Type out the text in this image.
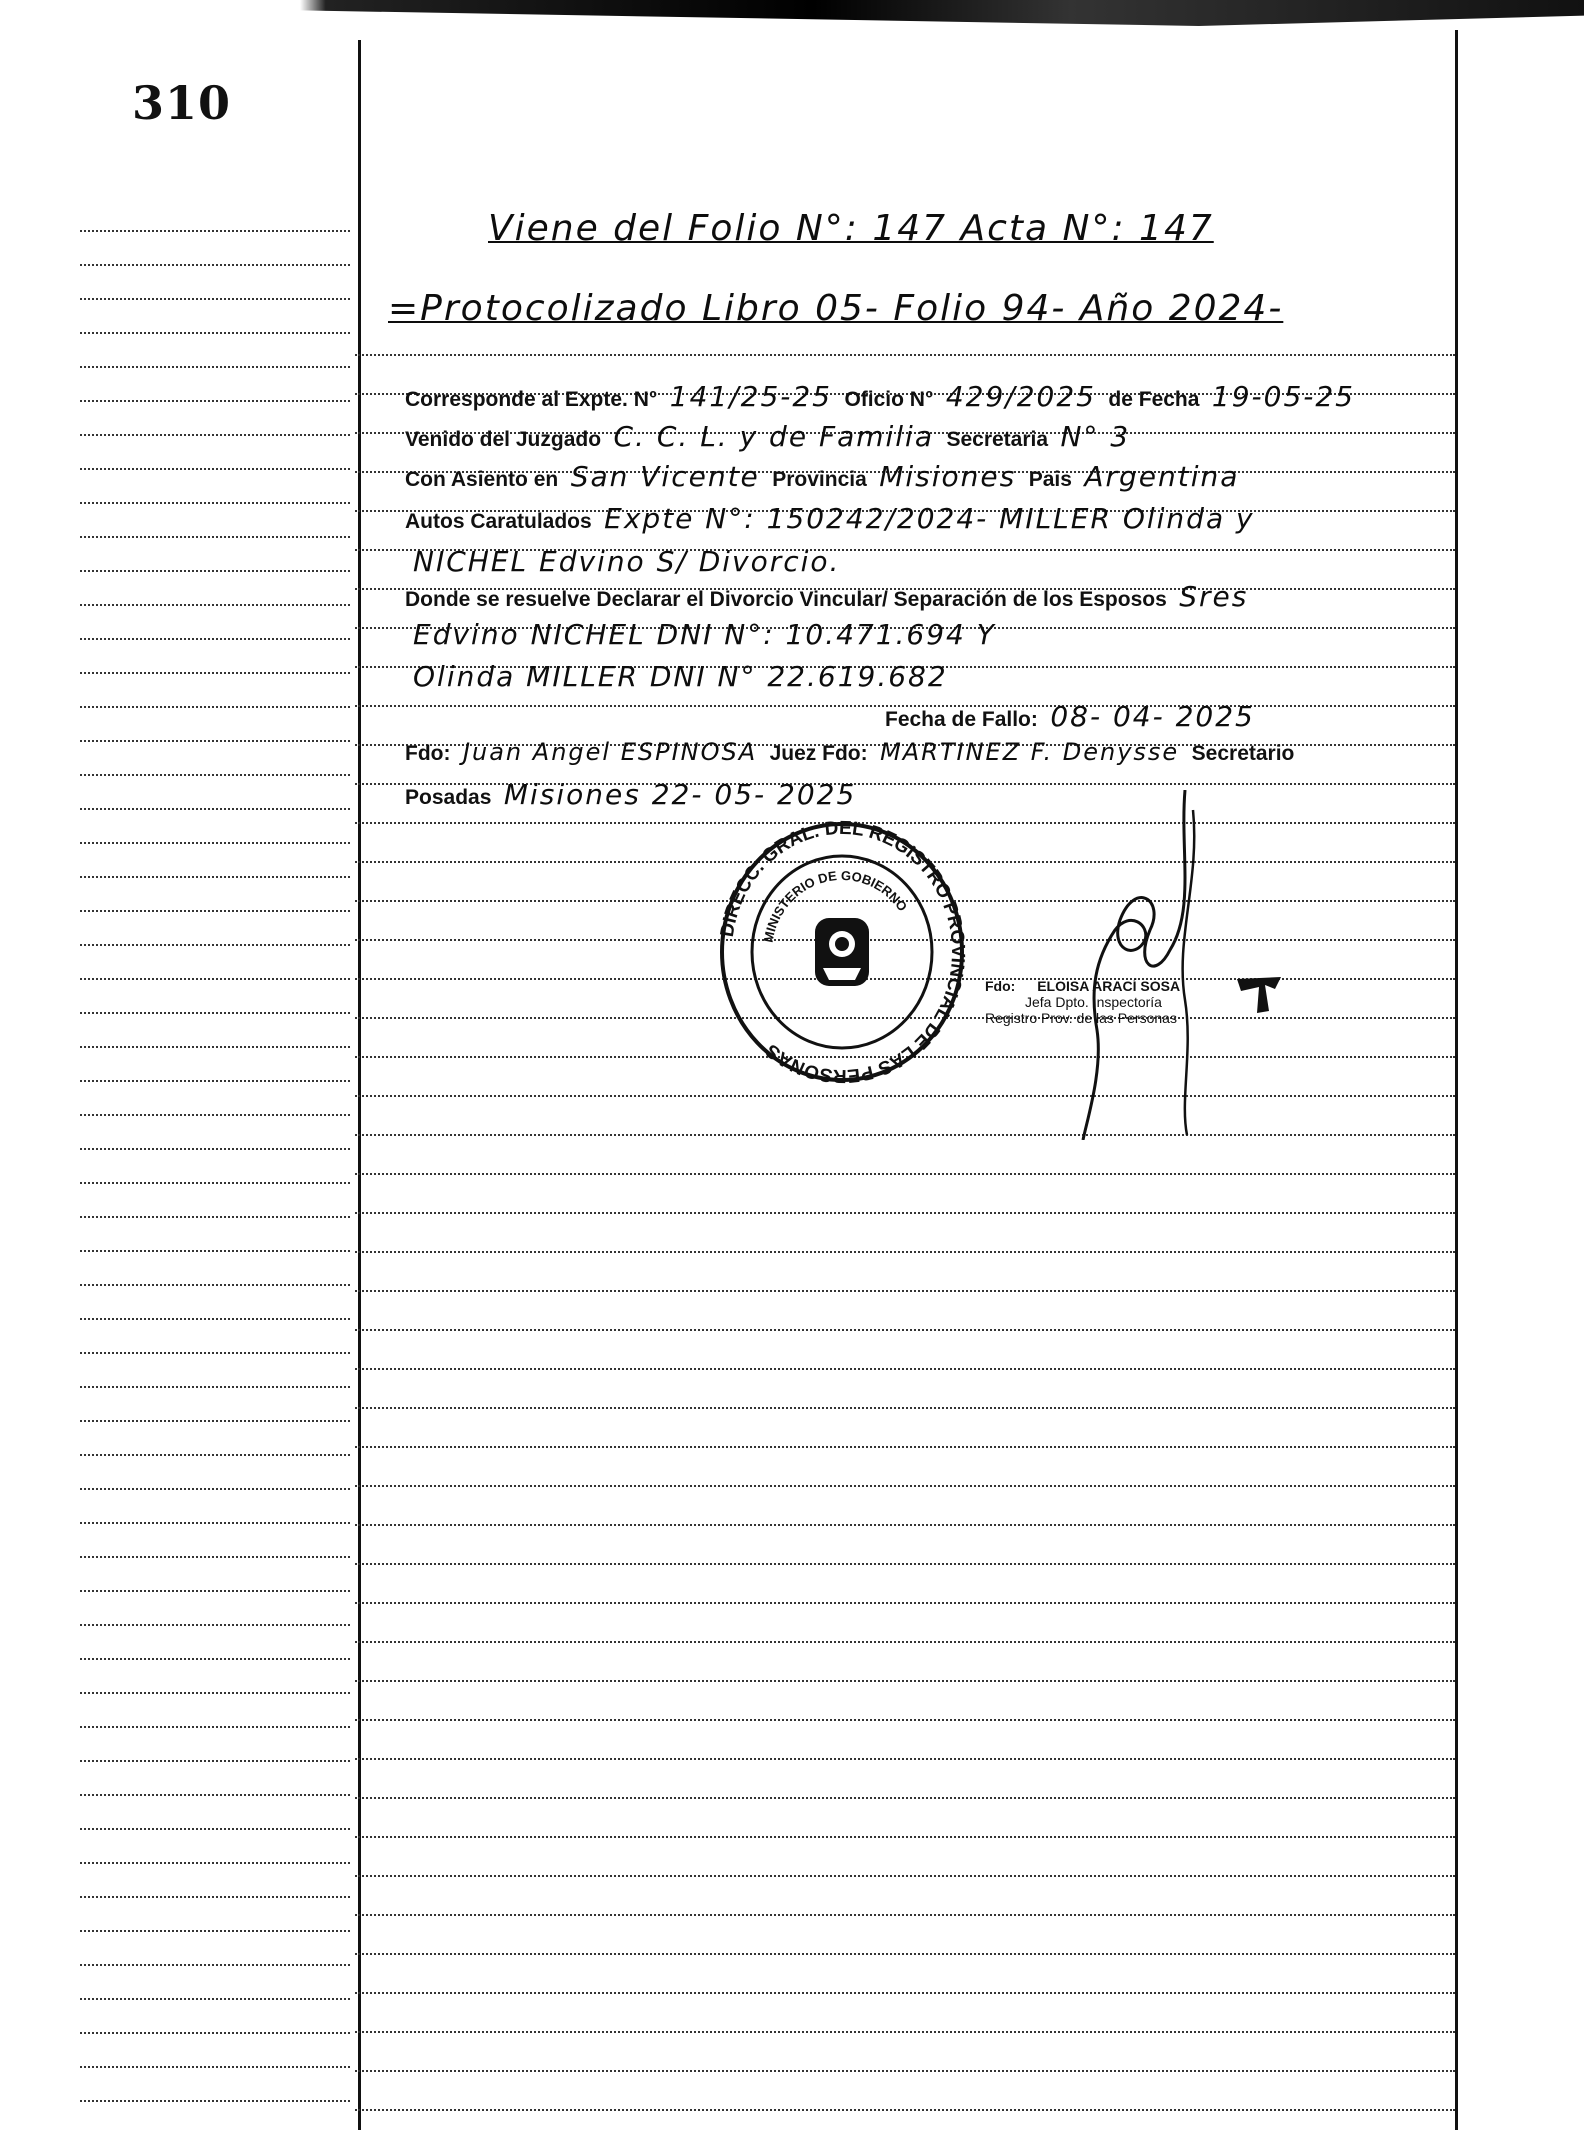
310
Viene del Folio N°: 147 Acta N°: 147
=Protocolizado Libro 05- Folio 94- Año 2024-
Corresponde al Expte. N° 141/25-25 Oficio N° 429/2025 de Fecha 19-05-25
Venido del Juzgado C. C. L. y de Familia Secretaria N° 3
Con Asiento en San Vicente Provincia Misiones Pais Argentina
Autos Caratulados Expte N°: 150242/2024- MILLER Olinda y
NICHEL Edvino S/ Divorcio.
Donde se resuelve Declarar el Divorcio Vincular/ Separación de los Esposos Sres
Edvino NICHEL DNI N°: 10.471.694 Y
Olinda MILLER DNI N° 22.619.682
Fecha de Fallo: 08- 04- 2025
Fdo: Juan Angel ESPINOSA Juez Fdo: MARTINEZ F. Denysse Secretario
Posadas Misiones 22- 05- 2025
DIRECC. GRAL. DEL REGISTRO PROVINCIAL DE LAS PERSONAS
MINISTERIO DE GOBIERNO
Fdo: ELOISA ARACÍ SOSA
Jefa Dpto. Inspectoría
Registro Prov. de las Personas
